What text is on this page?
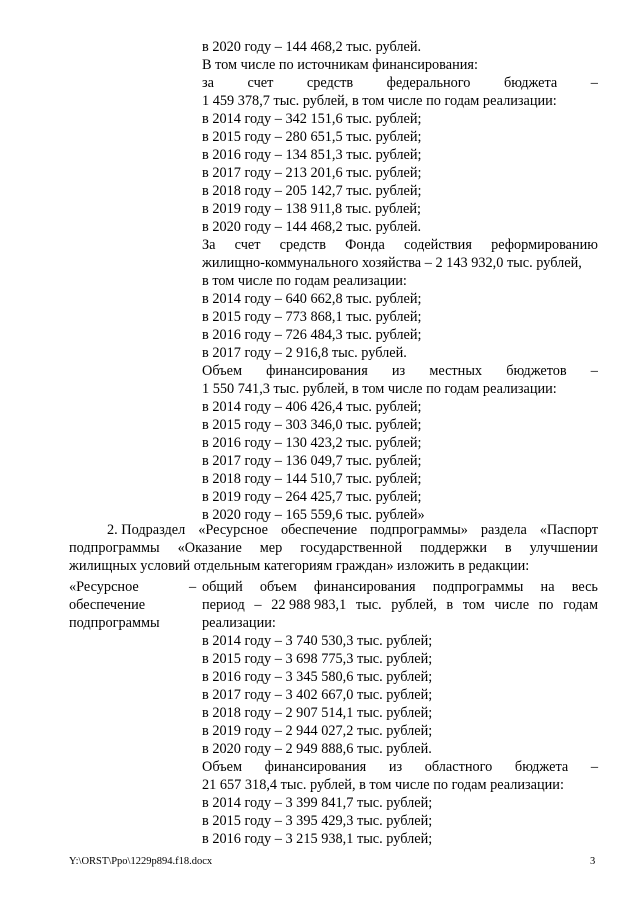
в 2020 году – 144 468,2 тыс. рублей.
В том числе по источникам финансирования:
за счет средств федерального бюджета –
1 459 378,7 тыс. рублей, в том числе по годам реализации:
в 2014 году – 342 151,6 тыс. рублей;
в 2015 году – 280 651,5 тыс. рублей;
в 2016 году – 134 851,3 тыс. рублей;
в 2017 году – 213 201,6 тыс. рублей;
в 2018 году – 205 142,7 тыс. рублей;
в 2019 году – 138 911,8 тыс. рублей;
в 2020 году – 144 468,2 тыс. рублей.
За счет средств Фонда содействия реформированию
жилищно-коммунального хозяйства – 2 143 932,0 тыс. рублей,
в том числе по годам реализации:
в 2014 году – 640 662,8 тыс. рублей;
в 2015 году – 773 868,1 тыс. рублей;
в 2016 году – 726 484,3 тыс. рублей;
в 2017 году – 2 916,8 тыс. рублей.
Объем финансирования из местных бюджетов –
1 550 741,3 тыс. рублей, в том числе по годам реализации:
в 2014 году – 406 426,4 тыс. рублей;
в 2015 году – 303 346,0 тыс. рублей;
в 2016 году – 130 423,2 тыс. рублей;
в 2017 году – 136 049,7 тыс. рублей;
в 2018 году – 144 510,7 тыс. рублей;
в 2019 году – 264 425,7 тыс. рублей;
в 2020 году – 165 559,6 тыс. рублей»
2. Подраздел «Ресурсное обеспечение подпрограммы» раздела «Паспорт
подпрограммы «Оказание мер государственной поддержки в улучшении
жилищных условий отдельным категориям граждан» изложить в редакции:
«Ресурсное
обеспечение
подпрограммы
– общий объем финансирования подпрограммы на весь
период – 22 988 983,1 тыс. рублей, в том числе по годам
реализации:
в 2014 году – 3 740 530,3 тыс. рублей;
в 2015 году – 3 698 775,3 тыс. рублей;
в 2016 году – 3 345 580,6 тыс. рублей;
в 2017 году – 3 402 667,0 тыс. рублей;
в 2018 году – 2 907 514,1 тыс. рублей;
в 2019 году – 2 944 027,2 тыс. рублей;
в 2020 году – 2 949 888,6 тыс. рублей.
Объем финансирования из областного бюджета –
21 657 318,4 тыс. рублей, в том числе по годам реализации:
в 2014 году – 3 399 841,7 тыс. рублей;
в 2015 году – 3 395 429,3 тыс. рублей;
в 2016 году – 3 215 938,1 тыс. рублей;
Y:\ORST\Ppo\1229p894.f18.docx	3
